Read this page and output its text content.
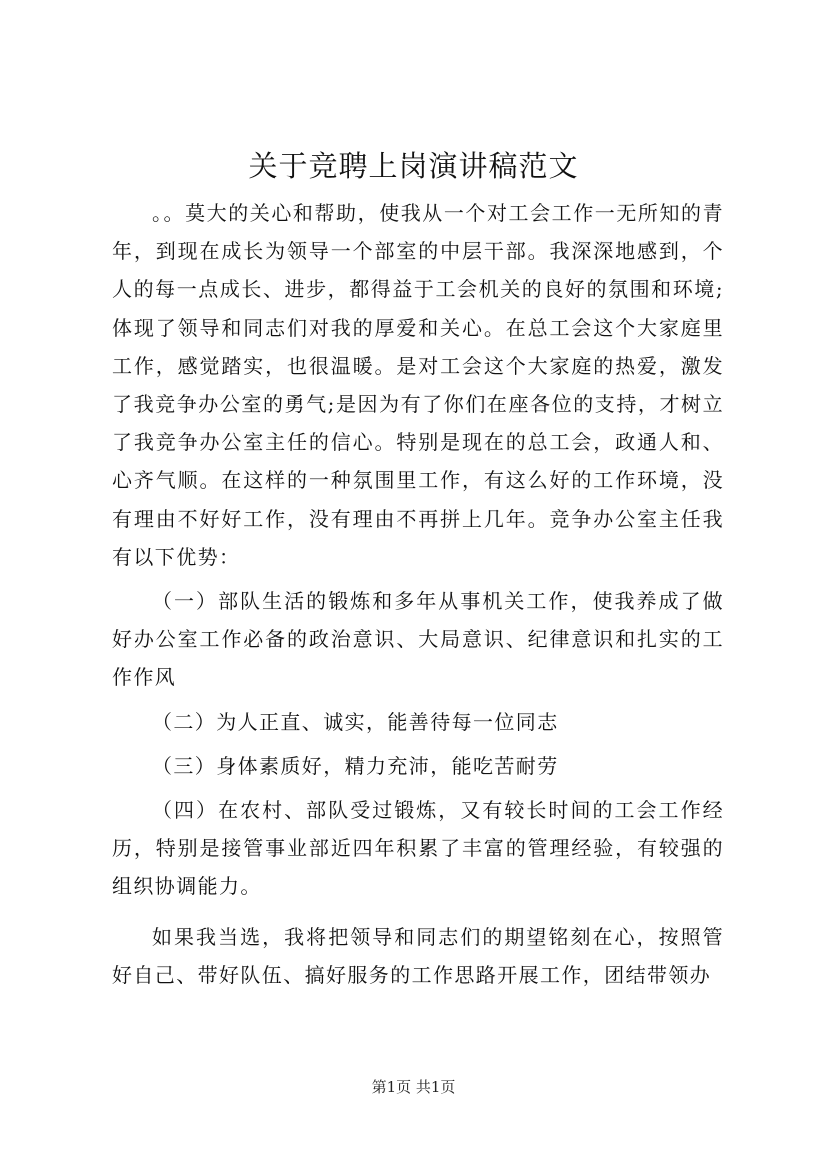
关于竞聘上岗演讲稿范文

。。莫大的关心和帮助，使我从一个对工会工作一无所知的青年，到现在成长为领导一个部室的中层干部。我深深地感到，个人的每一点成长、进步，都得益于工会机关的良好的氛围和环境;体现了领导和同志们对我的厚爱和关心。在总工会这个大家庭里工作，感觉踏实，也很温暖。是对工会这个大家庭的热爱，激发了我竞争办公室的勇气;是因为有了你们在座各位的支持，才树立了我竞争办公室主任的信心。特别是现在的总工会，政通人和、心齐气顺。在这样的一种氛围里工作，有这么好的工作环境，没有理由不好好工作，没有理由不再拼上几年。竞争办公室主任我有以下优势：

（一）部队生活的锻炼和多年从事机关工作，使我养成了做好办公室工作必备的政治意识、大局意识、纪律意识和扎实的工作作风

（二）为人正直、诚实，能善待每一位同志

（三）身体素质好，精力充沛，能吃苦耐劳

（四）在农村、部队受过锻炼，又有较长时间的工会工作经历，特别是接管事业部近四年积累了丰富的管理经验，有较强的组织协调能力。

如果我当选，我将把领导和同志们的期望铭刻在心，按照管好自己、带好队伍、搞好服务的工作思路开展工作，团结带领办

第1页 共1页
